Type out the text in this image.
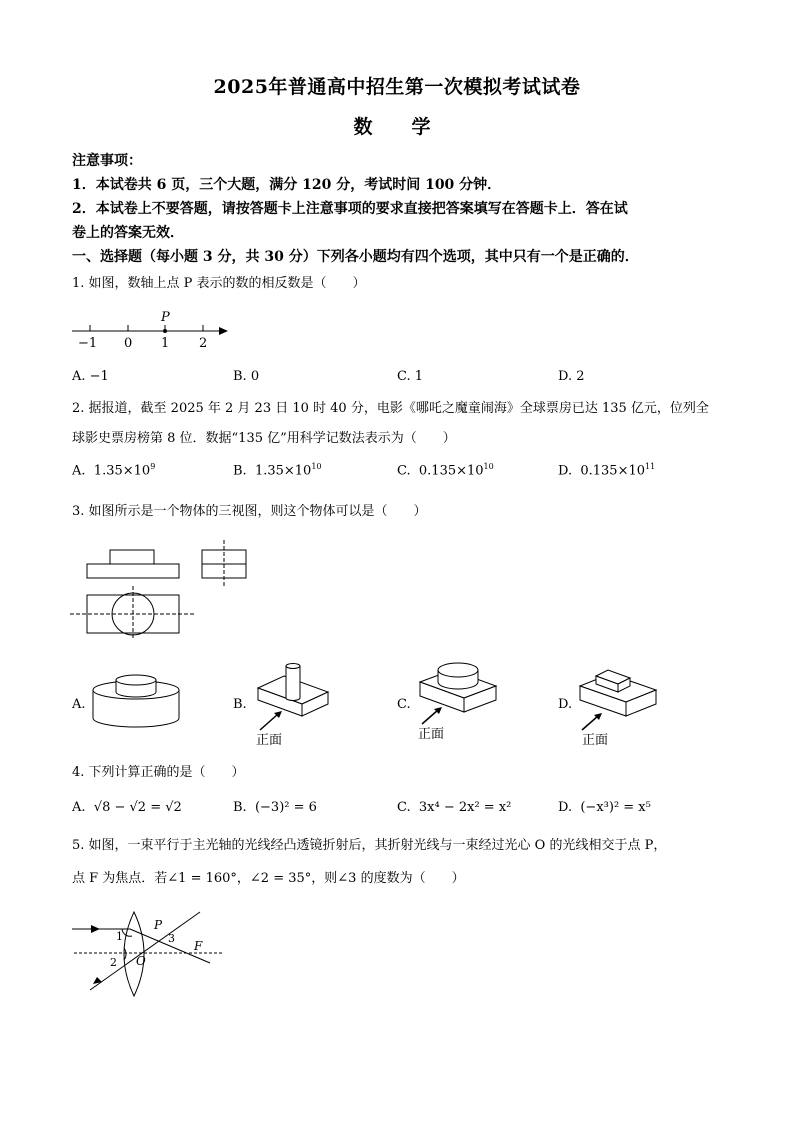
2025年普通高中招生第一次模拟考试试卷
数　学
注意事项：
1．本试卷共 6 页，三个大题，满分 120 分，考试时间 100 分钟．
2．本试卷上不要答题，请按答题卡上注意事项的要求直接把答案填写在答题卡上．答在试
卷上的答案无效．
一、选择题（每小题 3 分，共 30 分）下列各小题均有四个选项，其中只有一个是正确的．
1. 如图，数轴上点 P 表示的数的相反数是（　　）
P
−1 0 1 2
A. −1	B. 0	C. 1	D. 2
2. 据报道，截至 2025 年 2 月 23 日 10 时 40 分，电影《哪吒之魔童闹海》全球票房已达 135 亿元，位列全
球影史票房榜第 8 位．数据“135 亿”用科学记数法表示为（　　）
A. $1.35\times 10^9$	B. $1.35\times 10^{10}$	C. $0.135\times 10^{10}$	D. $0.135\times 10^{11}$
3. 如图所示是一个物体的三视图，则这个物体可以是（　　）
A.	B.
正面
C.
正面
D.
正面
4. 下列计算正确的是（　　）
A. √8 − √2 = √2	B. (−3)² = 6	C. 3x⁴ − 2x² = x²	D. (−x³)² = x⁵
5. 如图，一束平行于主光轴的光线经凸透镜折射后，其折射光线与一束经过光心 O 的光线相交于点 P，
点 F 为焦点．若∠1 = 160°，∠2 = 35°，则∠3 的度数为（　　）
P
O
F
1
2
3
